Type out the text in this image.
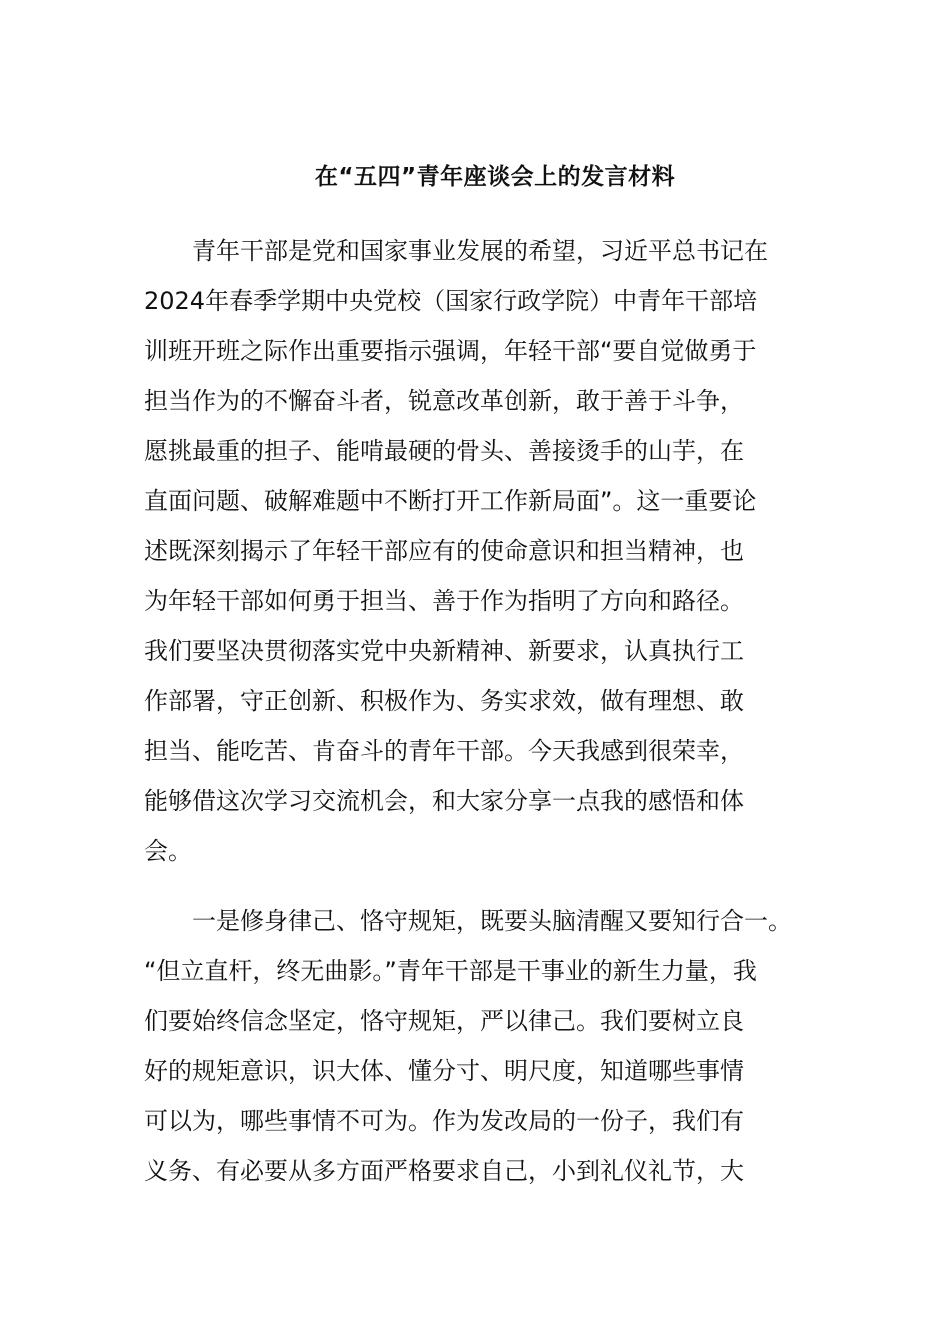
在“五四”青年座谈会上的发言材料
　　青年干部是党和国家事业发展的希望，习近平总书记在
2024年春季学期中央党校（国家行政学院）中青年干部培
训班开班之际作出重要指示强调，年轻干部“要自觉做勇于
担当作为的不懈奋斗者，锐意改革创新，敢于善于斗争，
愿挑最重的担子、能啃最硬的骨头、善接烫手的山芋，在
直面问题、破解难题中不断打开工作新局面”。这一重要论
述既深刻揭示了年轻干部应有的使命意识和担当精神，也
为年轻干部如何勇于担当、善于作为指明了方向和路径。
我们要坚决贯彻落实党中央新精神、新要求，认真执行工
作部署，守正创新、积极作为、务实求效，做有理想、敢
担当、能吃苦、肯奋斗的青年干部。今天我感到很荣幸，
能够借这次学习交流机会，和大家分享一点我的感悟和体
会。
　　一是修身律己、恪守规矩，既要头脑清醒又要知行合一。
“但立直杆，终无曲影。”青年干部是干事业的新生力量，我
们要始终信念坚定，恪守规矩，严以律己。我们要树立良
好的规矩意识，识大体、懂分寸、明尺度，知道哪些事情
可以为，哪些事情不可为。作为发改局的一份子，我们有
义务、有必要从多方面严格要求自己，小到礼仪礼节，大
